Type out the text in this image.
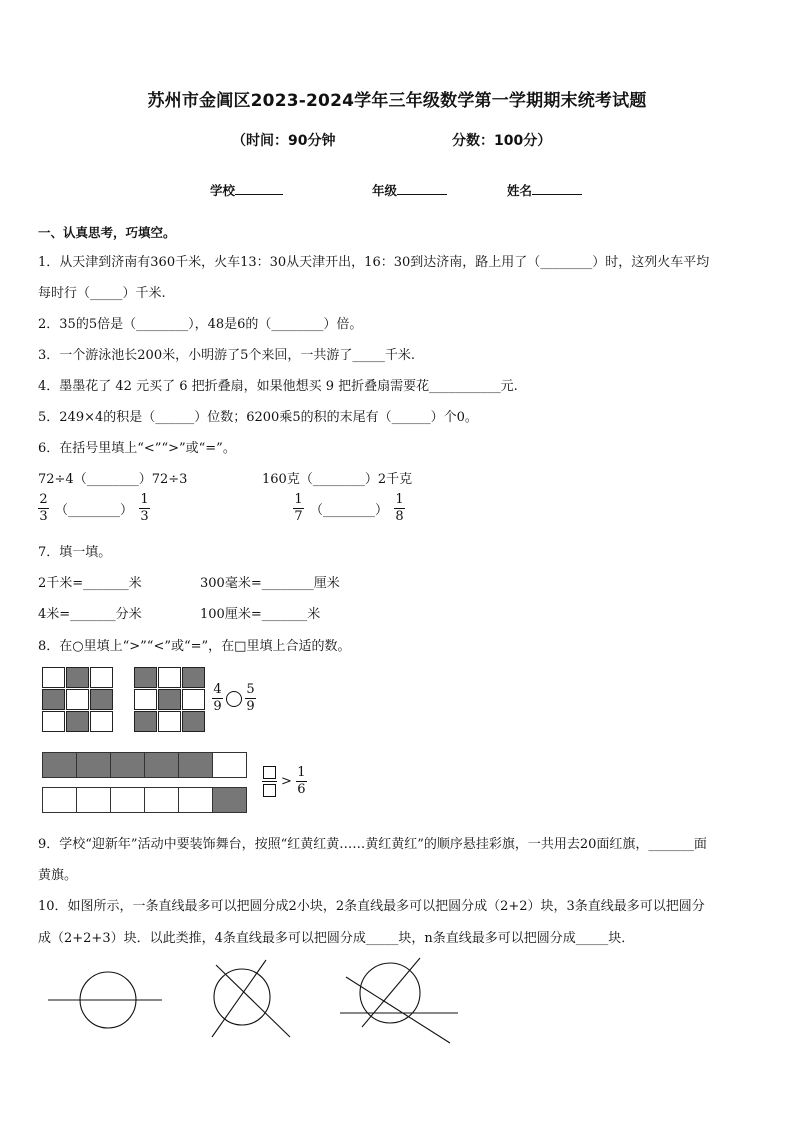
苏州市金阊区2023-2024学年三年级数学第一学期期末统考试题
（时间：90分钟	分数：100分）
学校	年级	姓名
一、认真思考，巧填空。
1．从天津到济南有360千米，火车13：30从天津开出，16：30到达济南，路上用了（________）时，这列火车平均
每时行（_____）千米.
2．35的5倍是（________），48是6的（________）倍。
3．一个游泳池长200米，小明游了5个来回，一共游了_____千米.
4．墨墨花了 42 元买了 6 把折叠扇，如果他想买 9 把折叠扇需要花___________元.
5．249×4的积是（______）位数；6200乘5的积的末尾有（______）个0。
6．在括号里填上“<”“>”或“=”。
72÷4（________）72÷3	160克（________）2千克
$\frac{2}{3}$ （________） $\frac{1}{3}$	$\frac{1}{7}$ （________） $\frac{1}{8}$
7．填一填。
2千米=_______米	300毫米=________厘米
4米=_______分米	100厘米=_______米
8．在○里填上“>”“<”或“=”，在□里填上合适的数。
$\frac{4}{9} \frac{5}{9}$
> $\frac{1}{6}$
9．学校“迎新年”活动中要装饰舞台，按照“红黄红黄……黄红黄红”的顺序悬挂彩旗，一共用去20面红旗，_______面
黄旗。
10．如图所示，一条直线最多可以把圆分成2小块，2条直线最多可以把圆分成（2+2）块，3条直线最多可以把圆分
成（2+2+3）块．以此类推，4条直线最多可以把圆分成_____块，n条直线最多可以把圆分成_____块．
